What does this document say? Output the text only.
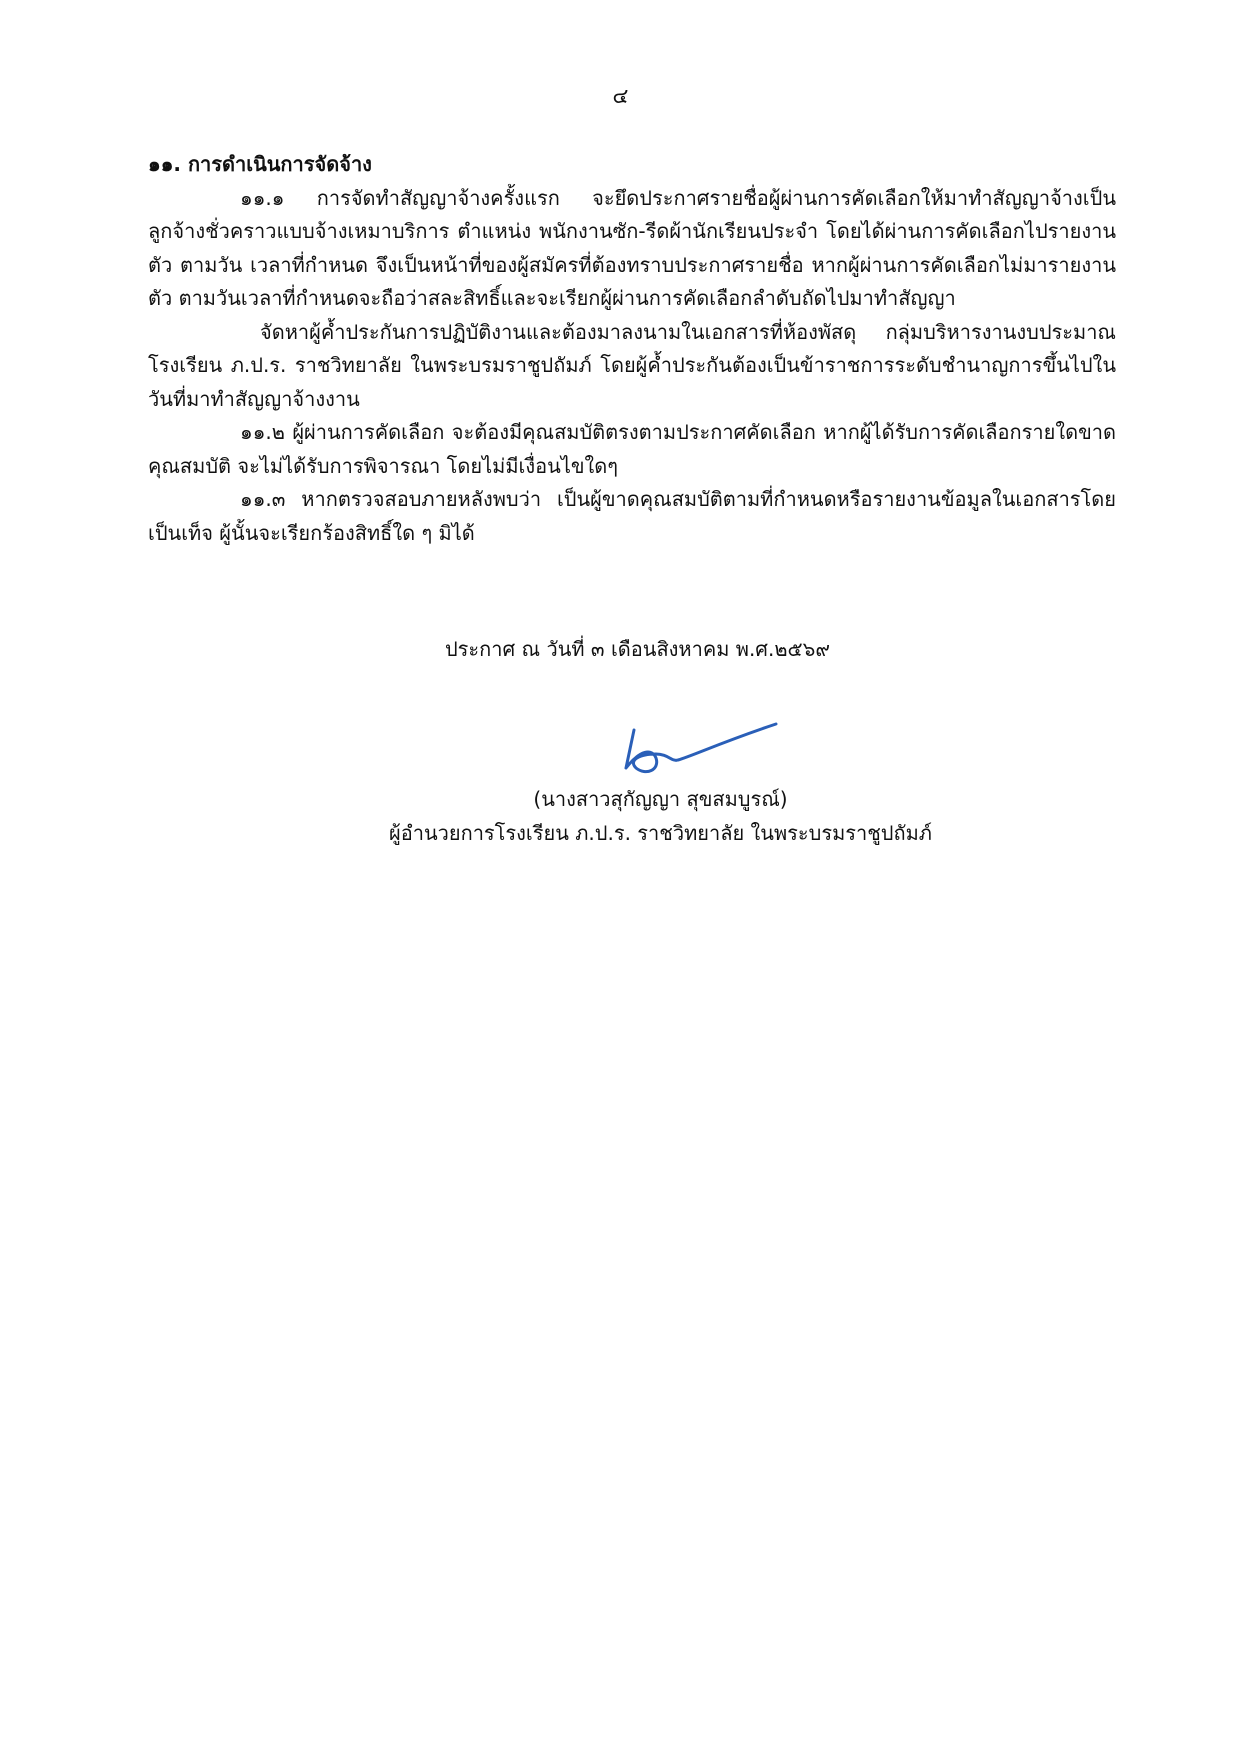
๔

๑๑. การดำเนินการจัดจ้าง

๑๑.๑ การจัดทำสัญญาจ้างครั้งแรก จะยึดประกาศรายชื่อผู้ผ่านการคัดเลือกให้มาทำสัญญาจ้างเป็นลูกจ้างชั่วคราวแบบจ้างเหมาบริการ ตำแหน่ง พนักงานซัก-รีดผ้านักเรียนประจำ โดยได้ผ่านการคัดเลือกไปรายงานตัว ตามวัน เวลาที่กำหนด จึงเป็นหน้าที่ของผู้สมัครที่ต้องทราบประกาศรายชื่อ หากผู้ผ่านการคัดเลือกไม่มารายงานตัว ตามวันเวลาที่กำหนดจะถือว่าสละสิทธิ์และจะเรียกผู้ผ่านการคัดเลือกลำดับถัดไปมาทำสัญญา

จัดหาผู้ค้ำประกันการปฏิบัติงานและต้องมาลงนามในเอกสารที่ห้องพัสดุ กลุ่มบริหารงานงบประมาณโรงเรียน ภ.ป.ร. ราชวิทยาลัย ในพระบรมราชูปถัมภ์ โดยผู้ค้ำประกันต้องเป็นข้าราชการระดับชำนาญการขึ้นไปในวันที่มาทำสัญญาจ้างงาน

๑๑.๒ ผู้ผ่านการคัดเลือก จะต้องมีคุณสมบัติตรงตามประกาศคัดเลือก หากผู้ได้รับการคัดเลือกรายใดขาดคุณสมบัติ จะไม่ได้รับการพิจารณา โดยไม่มีเงื่อนไขใดๆ

๑๑.๓ หากตรวจสอบภายหลังพบว่า เป็นผู้ขาดคุณสมบัติตามที่กำหนดหรือรายงานข้อมูลในเอกสารโดยเป็นเท็จ ผู้นั้นจะเรียกร้องสิทธิ์ใด ๆ มิได้

ประกาศ ณ วันที่ ๓ เดือนสิงหาคม พ.ศ.๒๕๖๙
(นางสาวสุกัญญา สุขสมบูรณ์)
ผู้อำนวยการโรงเรียน ภ.ป.ร. ราชวิทยาลัย ในพระบรมราชูปถัมภ์
